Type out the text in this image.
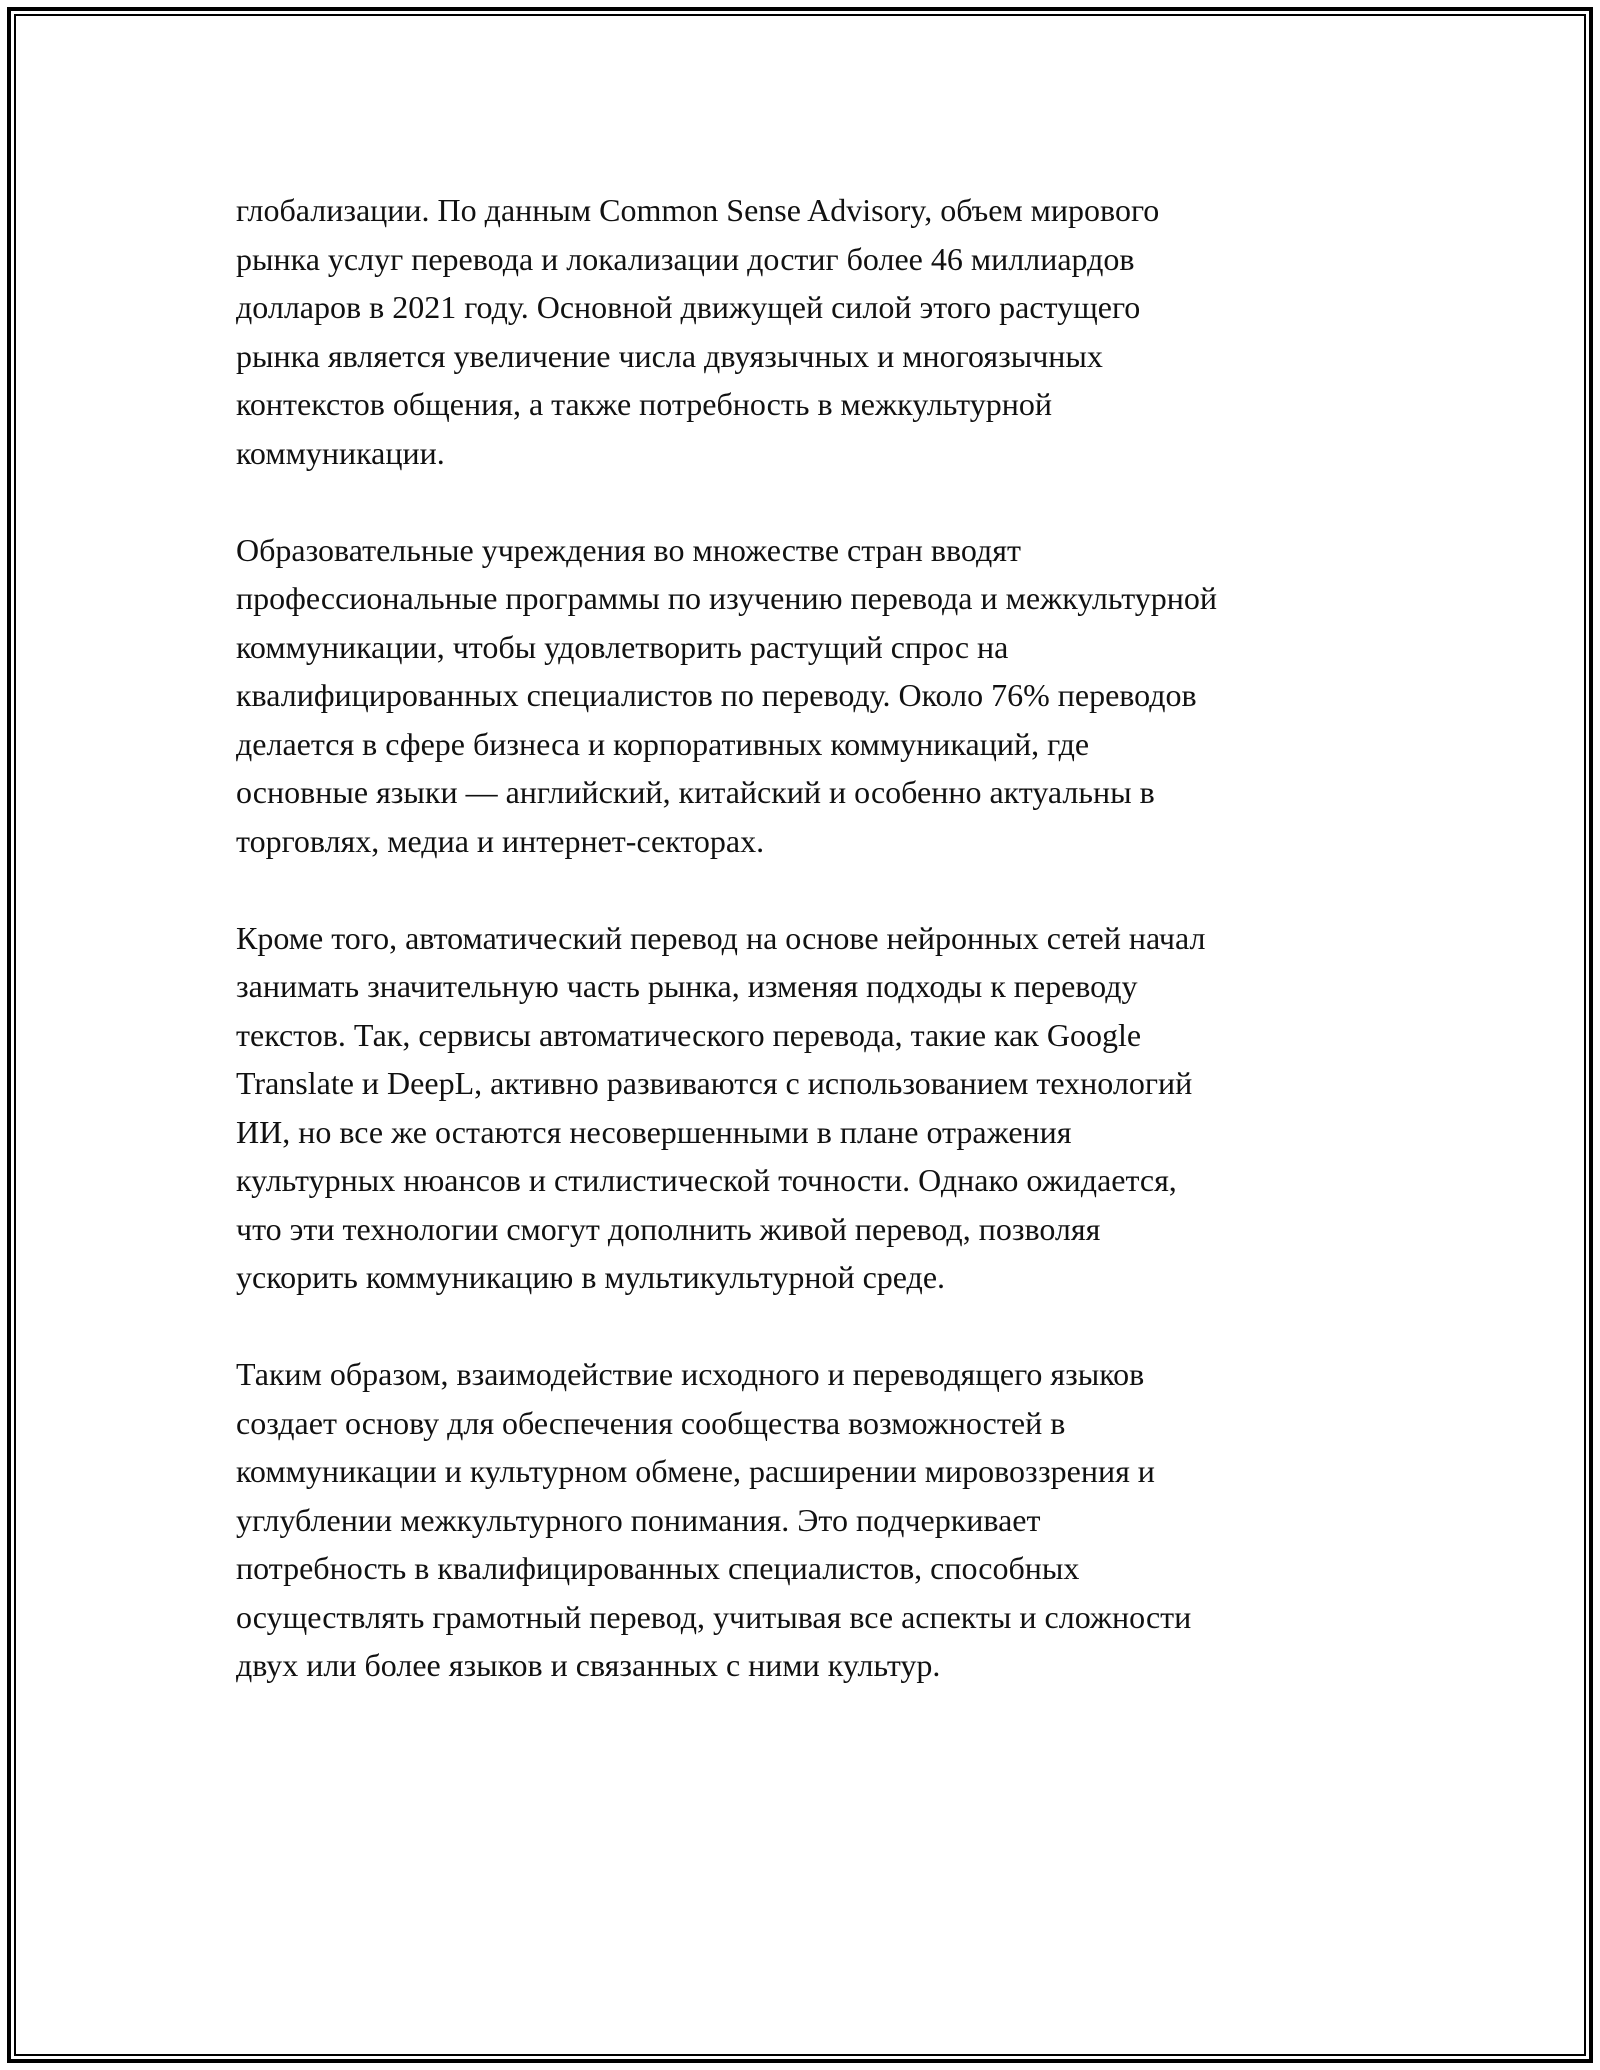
глобализации. По данным Common Sense Advisory, объем мирового
рынка услуг перевода и локализации достиг более 46 миллиардов
долларов в 2021 году. Основной движущей силой этого растущего
рынка является увеличение числа двуязычных и многоязычных
контекстов общения, а также потребность в межкультурной
коммуникации.
Образовательные учреждения во множестве стран вводят
профессиональные программы по изучению перевода и межкультурной
коммуникации, чтобы удовлетворить растущий спрос на
квалифицированных специалистов по переводу. Около 76% переводов
делается в сфере бизнеса и корпоративных коммуникаций, где
основные языки — английский, китайский и особенно актуальны в
торговлях, медиа и интернет-секторах.
Кроме того, автоматический перевод на основе нейронных сетей начал
занимать значительную часть рынка, изменяя подходы к переводу
текстов. Так, сервисы автоматического перевода, такие как Google
Translate и DeepL, активно развиваются с использованием технологий
ИИ, но все же остаются несовершенными в плане отражения
культурных нюансов и стилистической точности. Однако ожидается,
что эти технологии смогут дополнить живой перевод, позволяя
ускорить коммуникацию в мультикультурной среде.
Таким образом, взаимодействие исходного и переводящего языков
создает основу для обеспечения сообщества возможностей в
коммуникации и культурном обмене, расширении мировоззрения и
углублении межкультурного понимания. Это подчеркивает
потребность в квалифицированных специалистов, способных
осуществлять грамотный перевод, учитывая все аспекты и сложности
двух или более языков и связанных с ними культур.
